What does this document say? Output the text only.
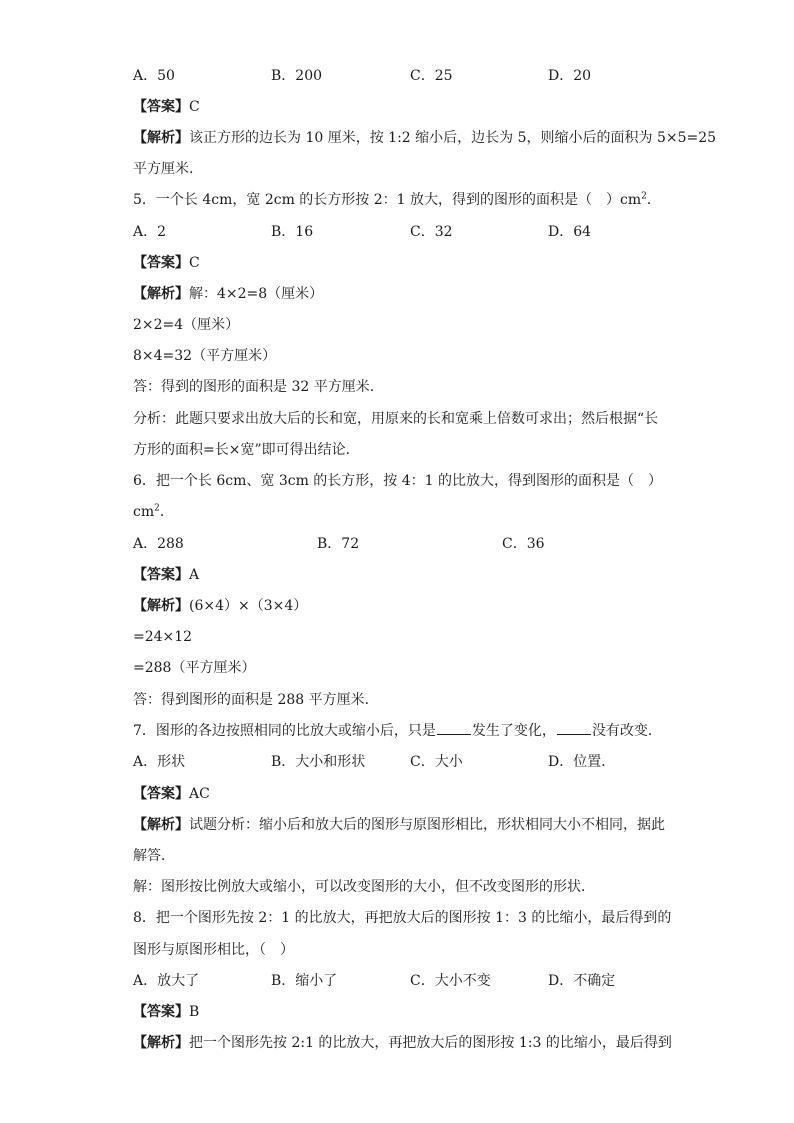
A．50	B．200	C．25	D．20
【答案】C
【解析】该正方形的边长为 10 厘米，按 1:2 缩小后，边长为 5，则缩小后的面积为 5×5=25
平方厘米.
5．一个长 4cm，宽 2cm 的长方形按 2：1 放大，得到的图形的面积是（　）$cm^2$．
A．2	B．16	C．32	D．64
【答案】C
【解析】解：4×2=8（厘米）
2×2=4（厘米）
8×4=32（平方厘米）
答：得到的图形的面积是 32 平方厘米．
分析：此题只要求出放大后的长和宽，用原来的长和宽乘上倍数可求出；然后根据“长
方形的面积=长×宽”即可得出结论．
6．把一个长 6cm、宽 3cm 的长方形，按 4：1 的比放大，得到图形的面积是（　）
$cm^2$．
A．288	B．72	C．36
【答案】A
【解析】(6×4）×（3×4）
=24×12
=288（平方厘米）
答：得到图形的面积是 288 平方厘米．
7．图形的各边按照相同的比放大或缩小后，只是	发生了变化，	没有改变．
A．形状	B．大小和形状	C．大小	D．位置．
【答案】AC
【解析】试题分析：缩小后和放大后的图形与原图形相比，形状相同大小不相同，据此
解答．
解：图形按比例放大或缩小，可以改变图形的大小，但不改变图形的形状．
8．把一个图形先按 2：1 的比放大，再把放大后的图形按 1：3 的比缩小，最后得到的
图形与原图形相比，（　）
A．放大了	B．缩小了	C．大小不变	D．不确定
【答案】B
【解析】把一个图形先按 2:1 的比放大，再把放大后的图形按 1:3 的比缩小，最后得到
